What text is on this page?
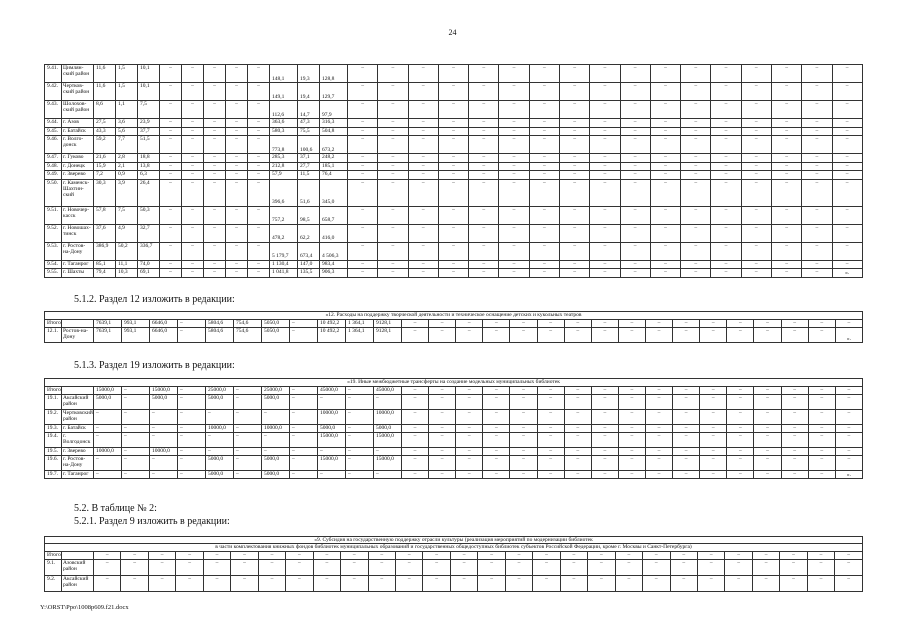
24
9.41.	Цимлян-ский район	11,6	1,5	10,1	–	–	–	–	–	148,1	19,3	128,8	–	–	–	–	–	–	–	–	–	–	–	–	–	–	–	–	–
9.42.	Чертков-ский район	11,6	1,5	10,1	–	–	–	–	–	149,1	19,4	129,7	–	–	–	–	–	–	–	–	–	–	–	–	–	–	–	–	–
9.43.	Шолохов-ский район	8,6	1,1	7,5	–	–	–	–	–	112,6	14,7	97,9	–	–	–	–	–	–	–	–	–	–	–	–	–	–	–	–	–
9.44.	г. Азов	27,5	3,6	23,9	–	–	–	–	–	363,6	47,3	316,3	–	–	–	–	–	–	–	–	–	–	–	–	–	–	–	–	–
9.45.	г. Батайск	43,3	5,6	37,7	–	–	–	–	–	580,3	75,5	504,8	–	–	–	–	–	–	–	–	–	–	–	–	–	–	–	–	–
9.46.	г. Волго-донск	59,2	7,7	51,5	–	–	–	–	–	773,8	100,6	673,2	–	–	–	–	–	–	–	–	–	–	–	–	–	–	–	–	–
9.47.	г. Гуково	21,6	2,8	18,8	–	–	–	–	–	285,3	37,1	248,2	–	–	–	–	–	–	–	–	–	–	–	–	–	–	–	–	–
9.48.	г. Донецк	15,9	2,1	13,8	–	–	–	–	–	212,8	27,7	185,1	–	–	–	–	–	–	–	–	–	–	–	–	–	–	–	–	–
9.49.	г. Зверево	7,2	0,9	6,3	–	–	–	–	–	57,9	11,5	76,4	–	–	–	–	–	–	–	–	–	–	–	–	–	–	–	–	–
9.50.	г. Каменск-Шахтин-ский	30,3	3,9	26,4	–	–	–	–	–	396,6	51,6	345,0	–	–	–	–	–	–	–	–	–	–	–	–	–	–	–	–	–
9.51.	г. Новочер-касск	57,8	7,5	50,3	–	–	–	–	–	757,2	98,5	658,7	–	–	–	–	–	–	–	–	–	–	–	–	–	–	–	–	–
9.52.	г. Новошах-тинск	37,6	4,9	32,7	–	–	–	–	–	478,2	62,2	416,0	–	–	–	–	–	–	–	–	–	–	–	–	–	–	–	–	–
9.53.	г. Ростов-на-Дону	386,9	50,2	336,7	–	–	–	–	–	5 179,7	673,4	4 506,3	–	–	–	–	–	–	–	–	–	–	–	–	–	–	–	–	–
9.54.	г. Таганрог	85,1	11,1	74,0	–	–	–	–	–	1 130,4	147,0	983,4	–	–	–	–	–	–	–	–	–	–	–	–	–	–	–	–	–
9.55.	г. Шахты	79,4	10,3	69,1	–	–	–	–	–	1 041,8	135,5	906,3	–	–	–	–	–	–	–	–	–	–	–	–	–	–	–	–	».
5.1.2. Раздел 12 изложить в редакции:
«12. Расходы на поддержку творческой деятельности и техническое оснащение детских и кукольных театров																													
Итого		7639,1	993,1	6646,0	–	5804,6	754,6	5050,0	–	10 492,2	1 364,1	9128,1	–	–	–	–	–	–	–	–	–	–	–	–	–	–	–	–	–
12.1.	Ростов-на-Дону	7639,1	993,1	6646,0	–	5804,6	754,6	5050,0	–	10 492,2	1 364,1	9128,1	–	–	–	–	–	–	–	–	–	–	–	–	–	–	–	–	».
5.1.3. Раздел 19 изложить в редакции:
«19. Иные межбюджетные трансферты на создание модельных муниципальных библиотек																													
Итого		15000,0	–	15000,0	–	25000,0	–	25000,0	–	45000,0	–	45000,0	–	–	–	–	–	–	–	–	–	–	–	–	–	–	–	–	–
19.1.	Аксайский район	5000,0	–	5000,0	–	5000,0	–	5000,0	–	–	–	–	–	–	–	–	–	–	–	–	–	–	–	–	–	–	–	–	–
19.2.	Чертковский район	–	–	–	–	–	–	–	–	10000,0	–	10000,0	–	–	–	–	–	–	–	–	–	–	–	–	–	–	–	–	–
19.3.	г. Батайск	–	–	–	–	10000,0	–	10000,0	–	5000,0	–	5000,0	–	–	–	–	–	–	–	–	–	–	–	–	–	–	–	–	–
19.4.	г. Волгодонск	–	–	–	–	–	–	–	–	15000,0	–	15000,0	–	–	–	–	–	–	–	–	–	–	–	–	–	–	–	–	–
19.5.	г. Зверево	10000,0	–	10000,0	–	–	–	–	–	–	–	–	–	–	–	–	–	–	–	–	–	–	–	–	–	–	–	–	–
19.6.	г. Ростов-на-Дону	–	–	–	–	5000,0	–	5000,0	–	15000,0	–	15000,0	–	–	–	–	–	–	–	–	–	–	–	–	–	–	–	–	–
19.7.	г. Таганрог	–	–	–	–	5000,0	–	5000,0	–	–	–	–	–	–	–	–	–	–	–	–	–	–	–	–	–	–	–	–	».
5.2. В таблице № 2:
5.2.1. Раздел 9 изложить в редакции:
«9. Субсидия на государственную поддержку отрасли культуры (реализация мероприятий по модернизации библиотек																													
в части комплектования книжных фондов библиотек муниципальных образований и государственных общедоступных библиотек субъектов Российской Федерации, кроме г. Москвы и Санкт-Петербурга)																													
Итого		–	–	–	–	–	–	–	–	–	–	–	–	–	–	–	–	–	–	–	–	–	–	–	–	–	–	–	–
9.1.	Азовский район	–	–	–	–	–	–	–	–	–	–	–	–	–	–	–	–	–	–	–	–	–	–	–	–	–	–	–	–
9.2.	Аксайский район	–	–	–	–	–	–	–	–	–	–	–	–	–	–	–	–	–	–	–	–	–	–	–	–	–	–	–	–
Y:\ORST\Ppo\1008p609.f21.docx
